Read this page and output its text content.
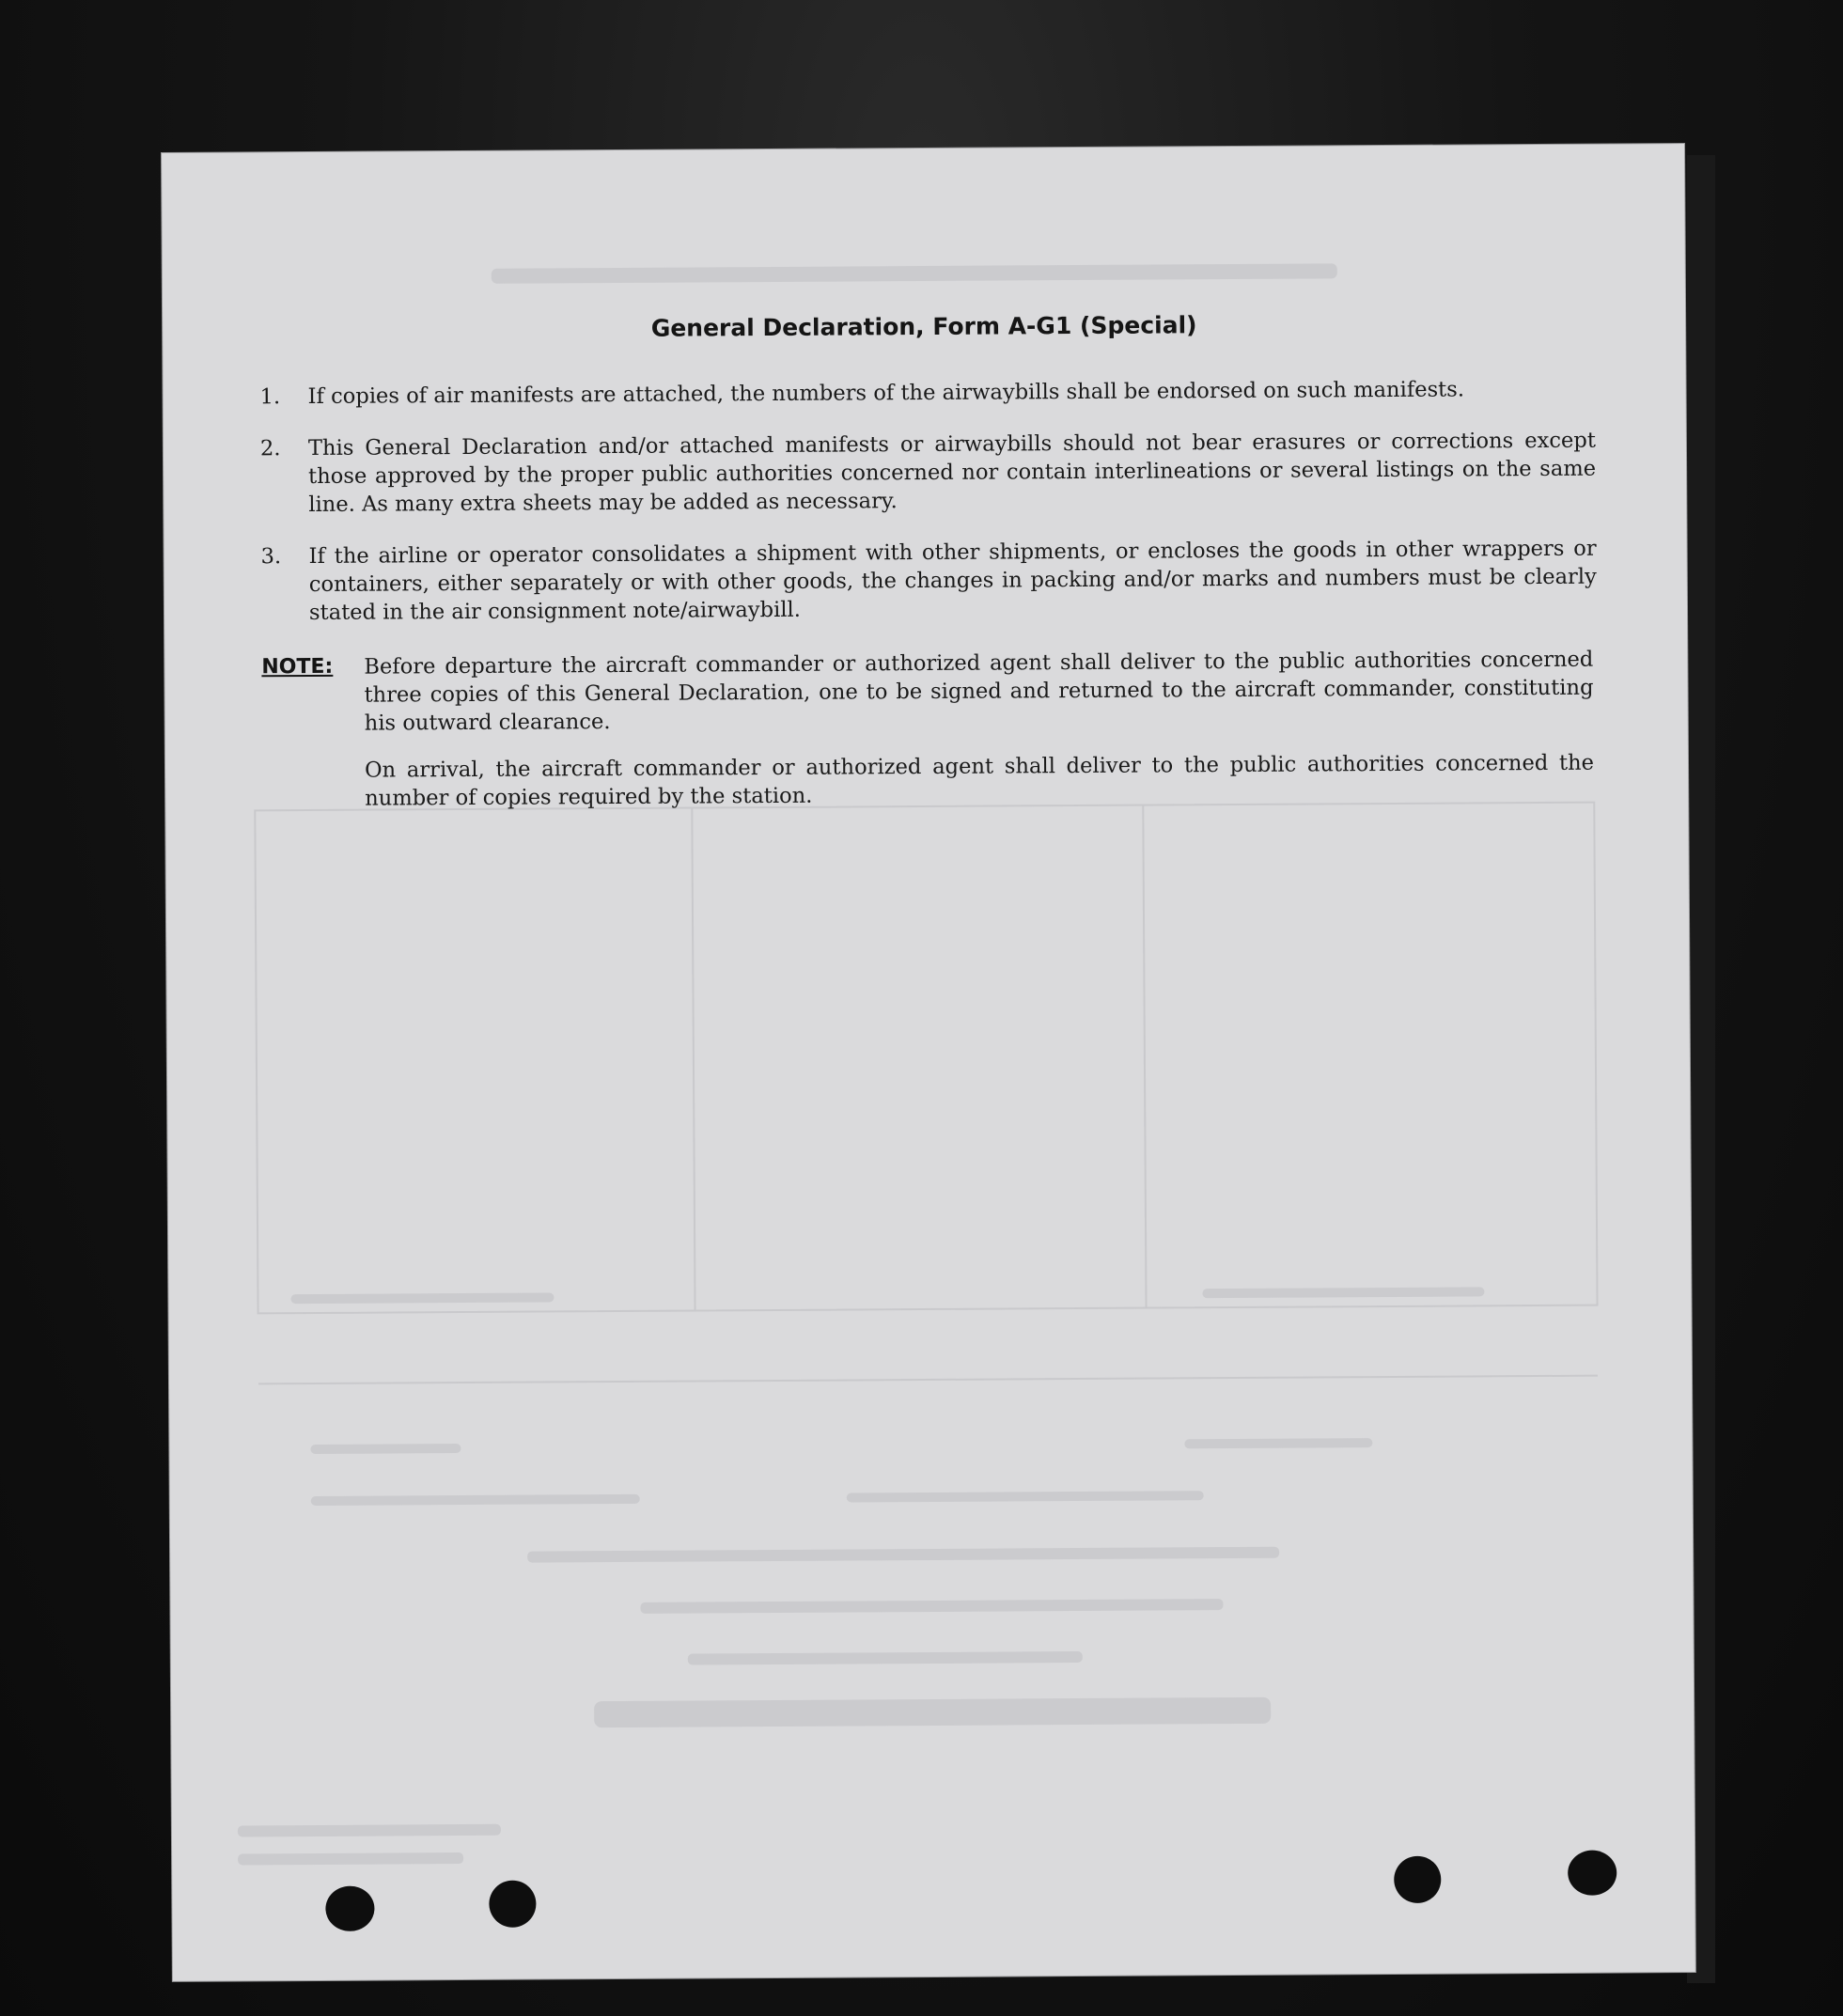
General Declaration, Form A-G1 (Special)
1.	If copies of air manifests are attached, the numbers of the airwaybills shall be endorsed on such manifests.
2.	This General Declaration and/or attached manifests or airwaybills should not bear erasures or corrections except those approved by the proper public authorities concerned nor contain interlineations or several listings on the same line. As many extra sheets may be added as necessary.
3.	If the airline or operator consolidates a shipment with other shipments, or encloses the goods in other wrappers or containers, either separately or with other goods, the changes in packing and/or marks and numbers must be clearly stated in the air consignment note/airwaybill.
NOTE: Before departure the aircraft commander or authorized agent shall deliver to the public authorities concerned three copies of this General Declaration, one to be signed and returned to the aircraft commander, constituting his outward clearance.
On arrival, the aircraft commander or authorized agent shall deliver to the public authorities concerned the number of copies required by the station.
